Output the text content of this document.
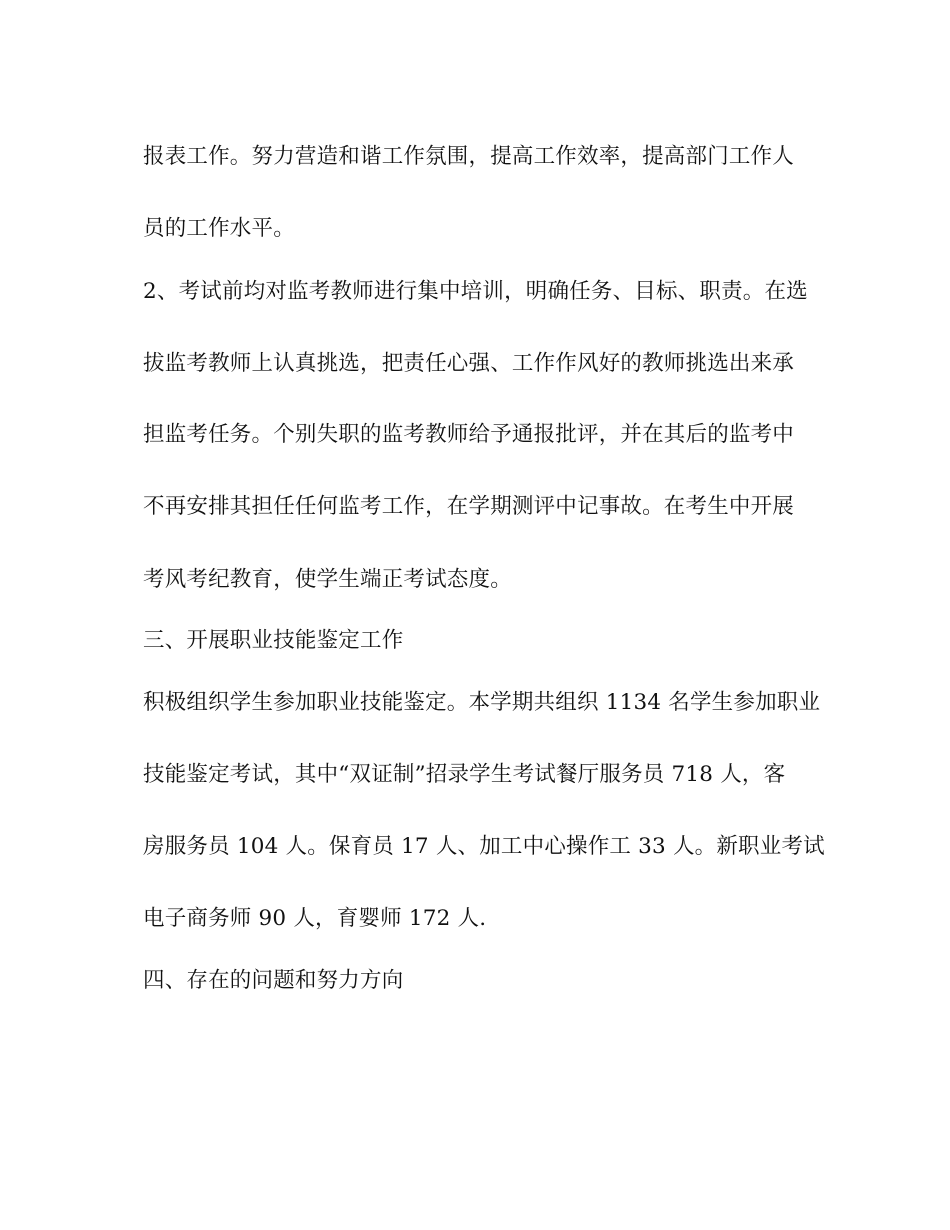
报表工作。努力营造和谐工作氛围，提高工作效率，提高部门工作人
员的工作水平。
2、考试前均对监考教师进行集中培训，明确任务、目标、职责。在选
拔监考教师上认真挑选，把责任心强、工作作风好的教师挑选出来承
担监考任务。个别失职的监考教师给予通报批评，并在其后的监考中
不再安排其担任任何监考工作，在学期测评中记事故。在考生中开展
考风考纪教育，使学生端正考试态度。
三、开展职业技能鉴定工作
积极组织学生参加职业技能鉴定。本学期共组织 1134 名学生参加职业
技能鉴定考试，其中“双证制”招录学生考试餐厅服务员 718 人，客
房服务员 104 人。保育员 17 人、加工中心操作工 33 人。新职业考试
电子商务师 90 人，育婴师 172 人.
四、存在的问题和努力方向
